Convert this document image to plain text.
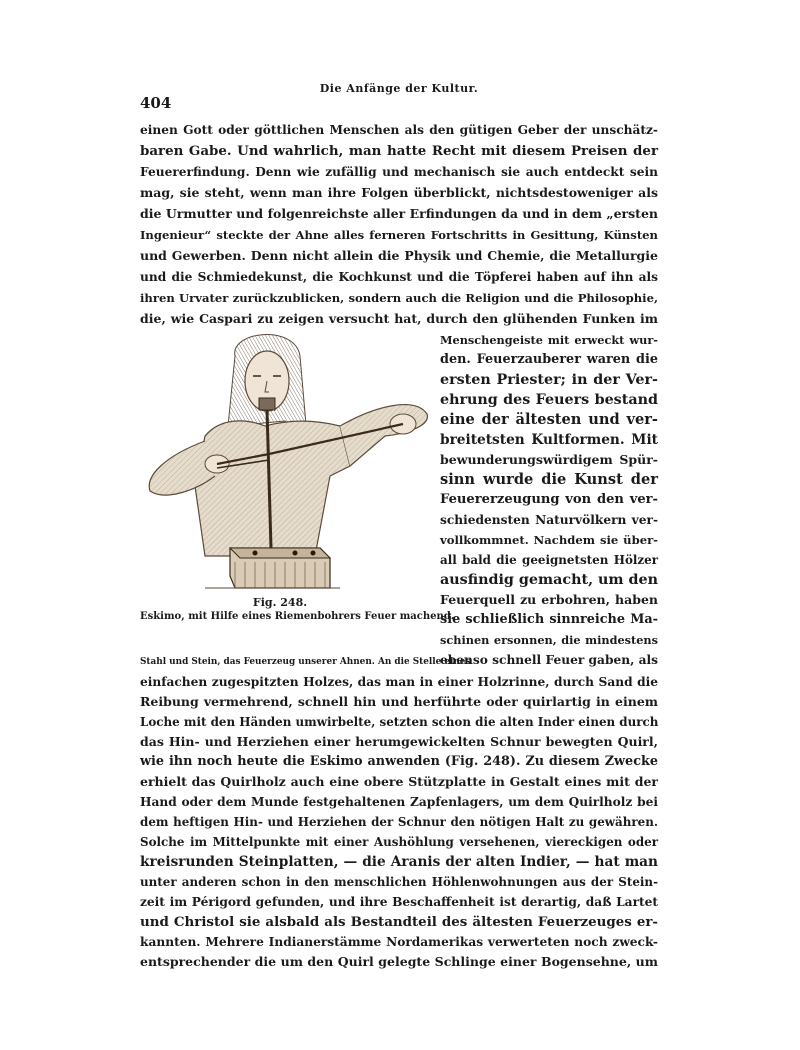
Die Anfänge der Kultur.
404
einen Gott oder göttlichen Menschen als den gütigen Geber der unschätz-
baren Gabe. Und wahrlich, man hatte Recht mit diesem Preisen der
Feuererfindung. Denn wie zufällig und mechanisch sie auch entdeckt sein
mag, sie steht, wenn man ihre Folgen überblickt, nichtsdestoweniger als
die Urmutter und folgenreichste aller Erfindungen da und in dem „ersten
Ingenieur“ steckte der Ahne alles ferneren Fortschritts in Gesittung, Künsten
und Gewerben. Denn nicht allein die Physik und Chemie, die Metallurgie
und die Schmiedekunst, die Kochkunst und die Töpferei haben auf ihn als
ihren Urvater zurückzublicken, sondern auch die Religion und die Philosophie,
die, wie Caspari zu zeigen versucht hat, durch den glühenden Funken im
Menschengeiste mit erweckt wur-
den. Feuerzauberer waren die
ersten Priester; in der Ver-
ehrung des Feuers bestand
eine der ältesten und ver-
breitetsten Kultformen. Mit
bewunderungswürdigem Spür-
sinn wurde die Kunst der
Feuererzeugung von den ver-
schiedensten Naturvölkern ver-
vollkommnet. Nachdem sie über-
all bald die geeignetsten Hölzer
ausfindig gemacht, um den
Feuerquell zu erbohren, haben
sie schließlich sinnreiche Ma-
schinen ersonnen, die mindestens
ebenso schnell Feuer gaben, als
Fig. 248.
Eskimo, mit Hilfe eines Riemenbohrers Feuer machend.
Stahl und Stein, das Feuerzeug unserer Ahnen. An die Stelle eines
einfachen zugespitzten Holzes, das man in einer Holzrinne, durch Sand die
Reibung vermehrend, schnell hin und herführte oder quirlartig in einem
Loche mit den Händen umwirbelte, setzten schon die alten Inder einen durch
das Hin- und Herziehen einer herumgewickelten Schnur bewegten Quirl,
wie ihn noch heute die Eskimo anwenden (Fig. 248). Zu diesem Zwecke
erhielt das Quirlholz auch eine obere Stützplatte in Gestalt eines mit der
Hand oder dem Munde festgehaltenen Zapfenlagers, um dem Quirlholz bei
dem heftigen Hin- und Herziehen der Schnur den nötigen Halt zu gewähren.
Solche im Mittelpunkte mit einer Aushöhlung versehenen, viereckigen oder
kreisrunden Steinplatten, — die Aranis der alten Indier, — hat man
unter anderen schon in den menschlichen Höhlenwohnungen aus der Stein-
zeit im Périgord gefunden, und ihre Beschaffenheit ist derartig, daß Lartet
und Christol sie alsbald als Bestandteil des ältesten Feuerzeuges er-
kannten. Mehrere Indianerstämme Nordamerikas verwerteten noch zweck-
entsprechender die um den Quirl gelegte Schlinge einer Bogensehne, um
